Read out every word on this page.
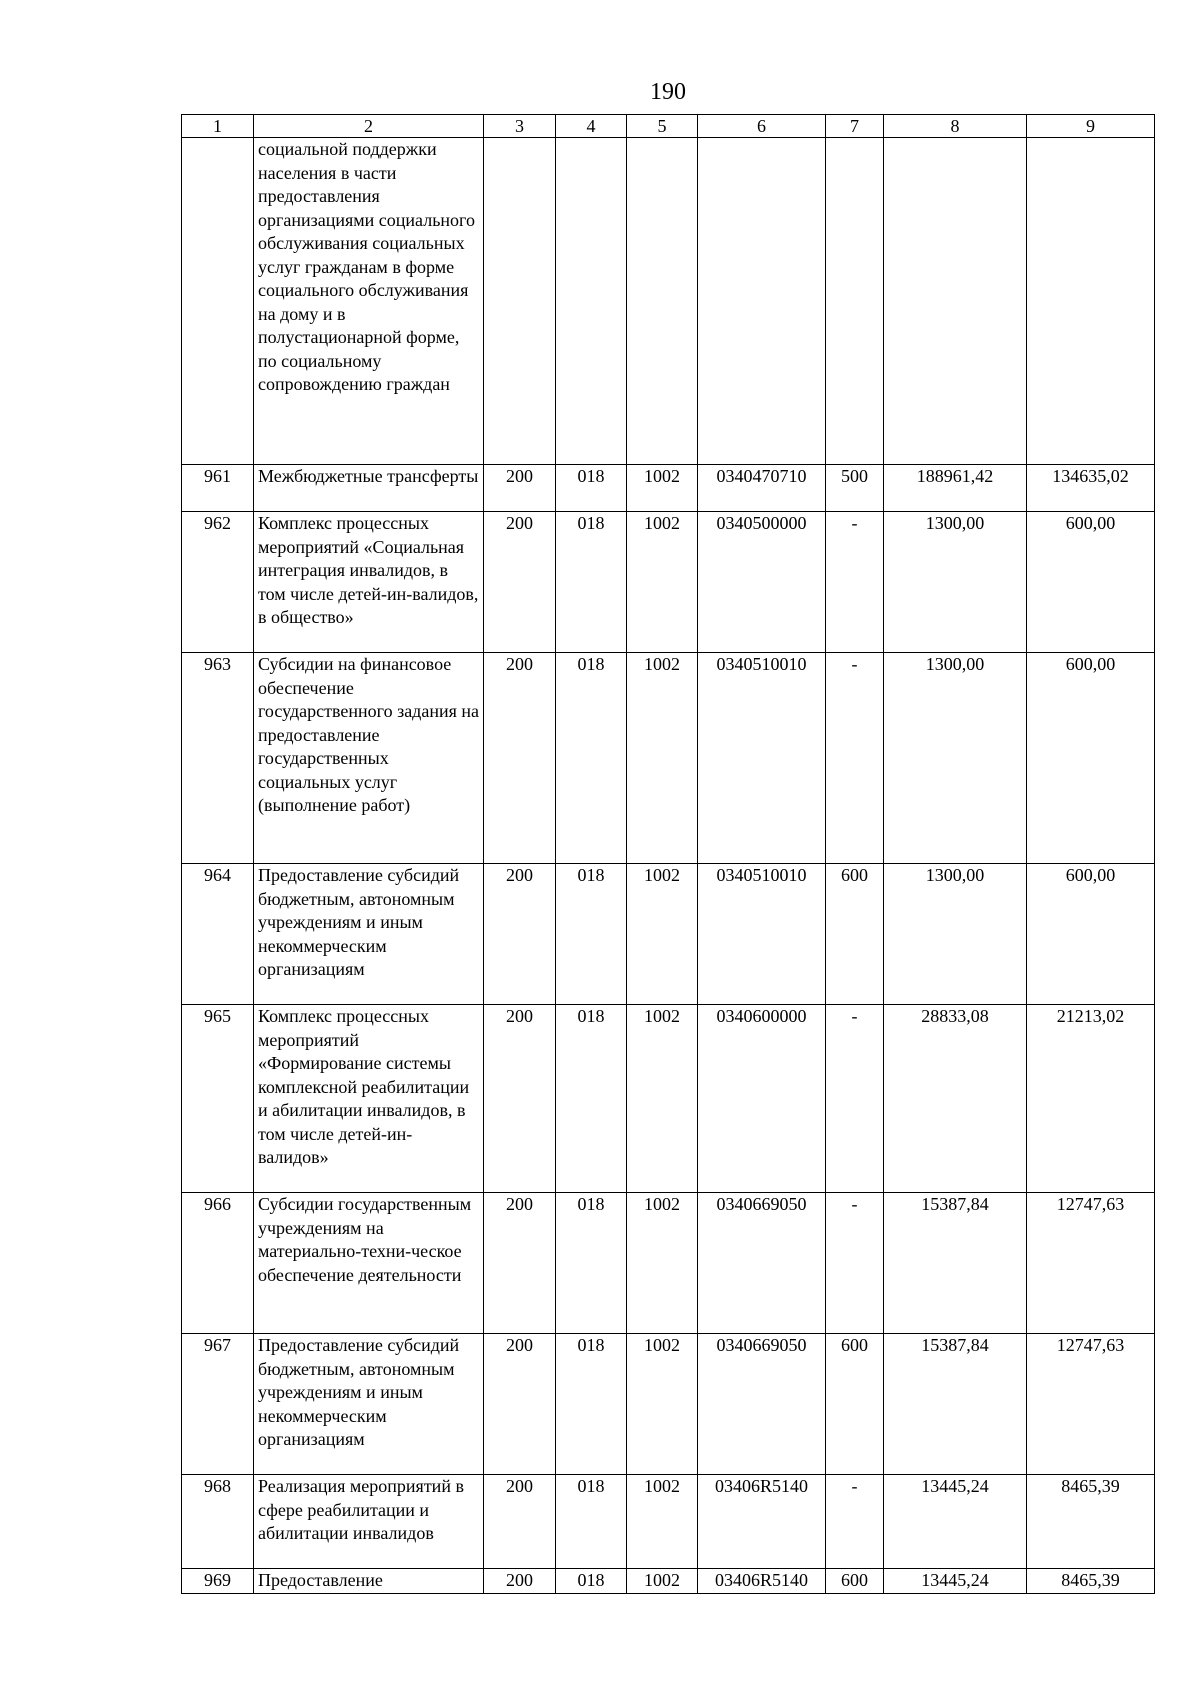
190
1	2	3	4	5	6	7	8	9
	социальной поддержки населения в части предоставления организациями социального обслуживания социальных услуг гражданам в форме социального обслуживания на дому и в полустационарной форме, по социальному сопровождению граждан							
961	Межбюджетные трансферты	200	018	1002	0340470710	500	188961,42	134635,02
962	Комплекс процессных мероприятий «Социальная интеграция инвалидов, в том числе детей-ин-валидов, в общество»	200	018	1002	0340500000	-	1300,00	600,00
963	Субсидии на финансовое обеспечение государственного задания на предоставление государственных социальных услуг (выполнение работ)	200	018	1002	0340510010	-	1300,00	600,00
964	Предоставление субсидий бюджетным, автономным учреждениям и иным некоммерческим организациям	200	018	1002	0340510010	600	1300,00	600,00
965	Комплекс процессных мероприятий «Формирование системы комплексной реабилитации и абилитации инвалидов, в том числе детей-ин-валидов»	200	018	1002	0340600000	-	28833,08	21213,02
966	Субсидии государственным учреждениям на материально-техни-ческое обеспечение деятельности	200	018	1002	0340669050	-	15387,84	12747,63
967	Предоставление субсидий бюджетным, автономным учреждениям и иным некоммерческим организациям	200	018	1002	0340669050	600	15387,84	12747,63
968	Реализация мероприятий в сфере реабилитации и абилитации инвалидов	200	018	1002	03406R5140	-	13445,24	8465,39
969	Предоставление	200	018	1002	03406R5140	600	13445,24	8465,39
